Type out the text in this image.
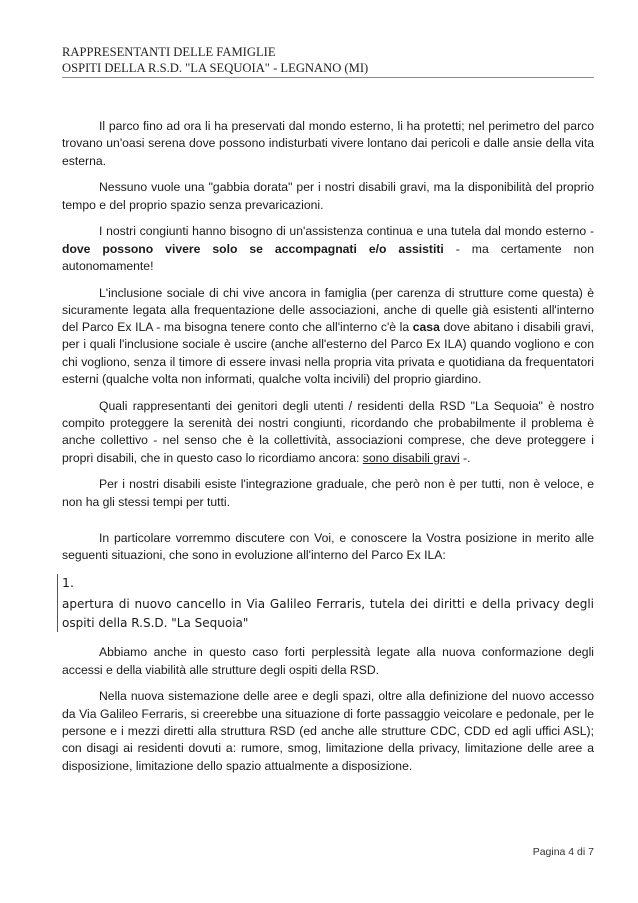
RAPPRESENTANTI DELLE FAMIGLIE
OSPITI DELLA R.S.D. "LA SEQUOIA" - LEGNANO (MI)

Il parco fino ad ora li ha preservati dal mondo esterno, li ha protetti; nel perimetro del parco trovano un'oasi serena dove possono indisturbati vivere lontano dai pericoli e dalle ansie della vita esterna.

Nessuno vuole una "gabbia dorata" per i nostri disabili gravi, ma la disponibilità del proprio tempo e del proprio spazio senza prevaricazioni.

I nostri congiunti hanno bisogno di un'assistenza continua e una tutela dal mondo esterno - dove possono vivere solo se accompagnati e/o assistiti - ma certamente non autonomamente!

L'inclusione sociale di chi vive ancora in famiglia (per carenza di strutture come questa) è sicuramente legata alla frequentazione delle associazioni, anche di quelle già esistenti all'interno del Parco Ex ILA - ma bisogna tenere conto che all'interno c'è la casa dove abitano i disabili gravi, per i quali l'inclusione sociale è uscire (anche all'esterno del Parco Ex ILA) quando vogliono e con chi vogliono, senza il timore di essere invasi nella propria vita privata e quotidiana da frequentatori esterni (qualche volta non informati, qualche volta incivili) del proprio giardino.

Quali rappresentanti dei genitori degli utenti / residenti della RSD "La Sequoia" è nostro compito proteggere la serenità dei nostri congiunti, ricordando che probabilmente il problema è anche collettivo - nel senso che è la collettività, associazioni comprese, che deve proteggere i propri disabili, che in questo caso lo ricordiamo ancora: sono disabili gravi -.

Per i nostri disabili esiste l'integrazione graduale, che però non è per tutti, non è veloce, e non ha gli stessi tempi per tutti.

In particolare vorremmo discutere con Voi, e conoscere la Vostra posizione in merito alle seguenti situazioni, che sono in evoluzione all'interno del Parco Ex ILA:

1.
apertura di nuovo cancello in Via Galileo Ferraris, tutela dei diritti e della privacy degli ospiti della R.S.D. "La Sequoia"

Abbiamo anche in questo caso forti perplessità legate alla nuova conformazione degli accessi e della viabilità alle strutture degli ospiti della RSD.

Nella nuova sistemazione delle aree e degli spazi, oltre alla definizione del nuovo accesso da Via Galileo Ferraris, si creerebbe una situazione di forte passaggio veicolare e pedonale, per le persone e i mezzi diretti alla struttura RSD (ed anche alle strutture CDC, CDD ed agli uffici ASL); con disagi ai residenti dovuti a: rumore, smog, limitazione della privacy, limitazione delle aree a disposizione, limitazione dello spazio attualmente a disposizione.

Pagina 4 di 7
